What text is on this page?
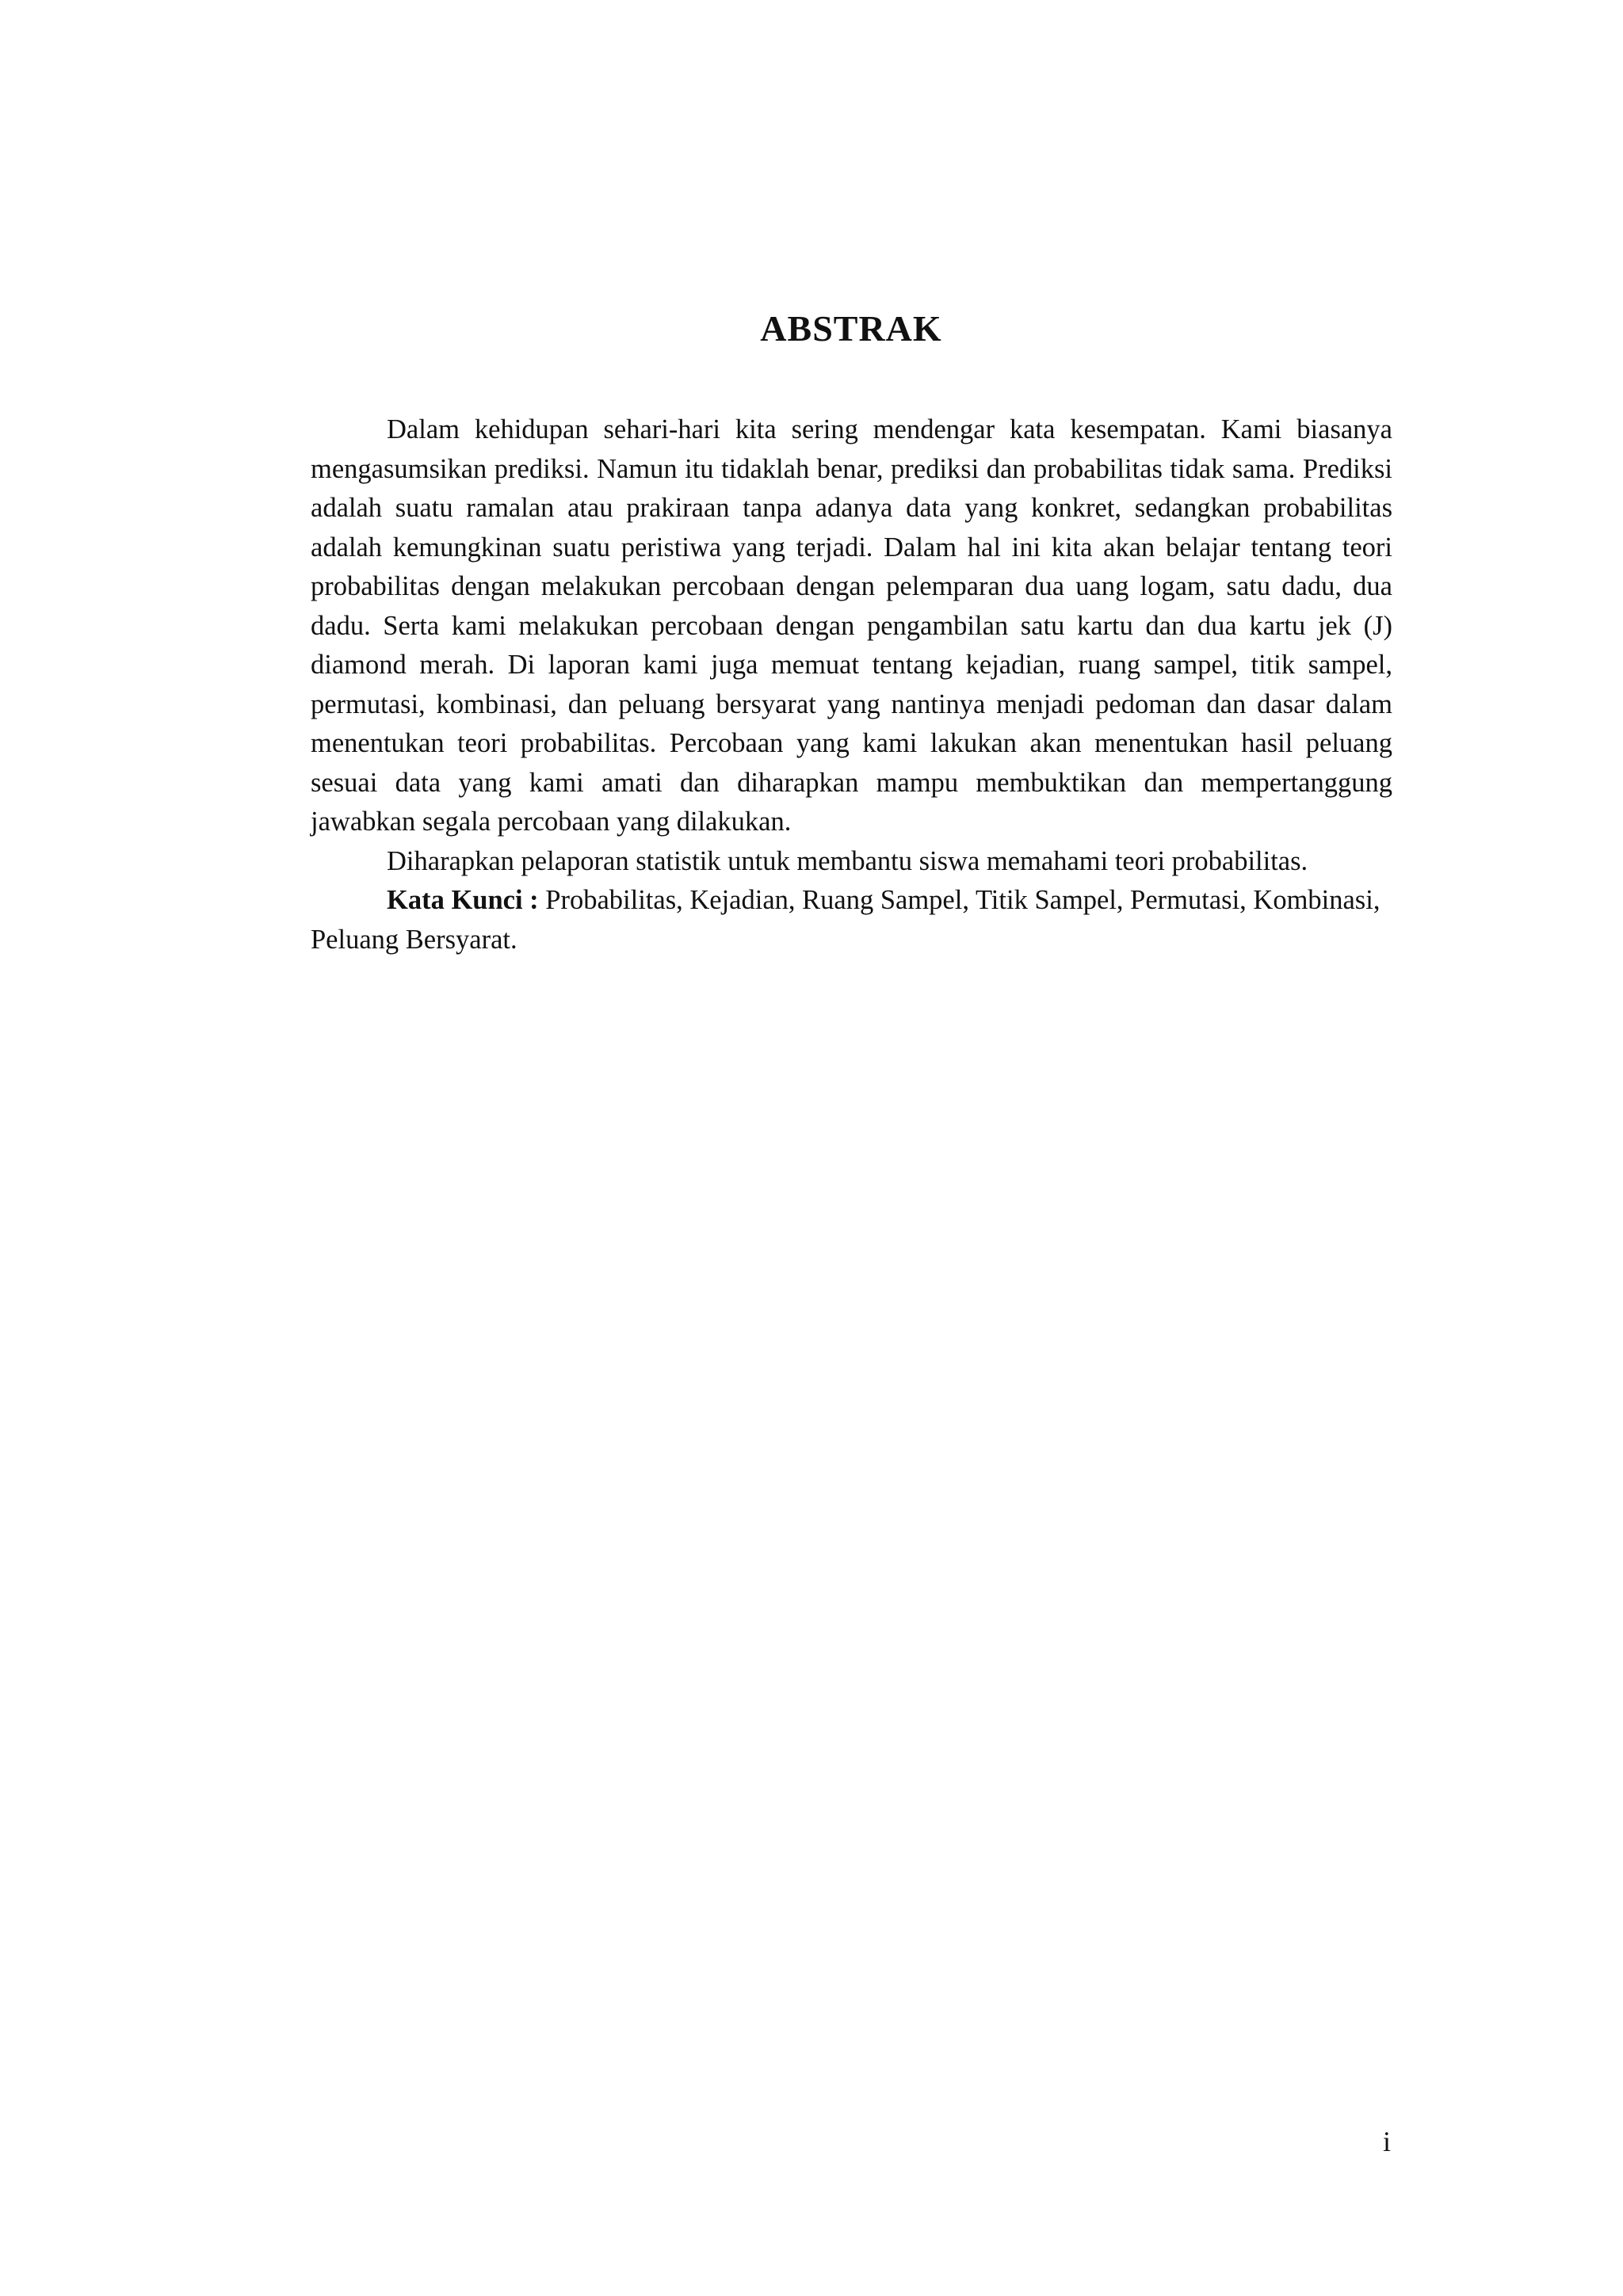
ABSTRAK

Dalam kehidupan sehari-hari kita sering mendengar kata kesempatan. Kami biasanya mengasumsikan prediksi. Namun itu tidaklah benar, prediksi dan probabilitas tidak sama. Prediksi adalah suatu ramalan atau prakiraan tanpa adanya data yang konkret, sedangkan probabilitas adalah kemungkinan suatu peristiwa yang terjadi. Dalam hal ini kita akan belajar tentang teori probabilitas dengan melakukan percobaan dengan pelemparan dua uang logam, satu dadu, dua dadu. Serta kami melakukan percobaan dengan pengambilan satu kartu dan dua kartu jek (J) diamond merah. Di laporan kami juga memuat tentang kejadian, ruang sampel, titik sampel, permutasi, kombinasi, dan peluang bersyarat yang nantinya menjadi pedoman dan dasar dalam menentukan teori probabilitas. Percobaan yang kami lakukan akan menentukan hasil peluang sesuai data yang kami amati dan diharapkan mampu membuktikan dan mempertanggung jawabkan segala percobaan yang dilakukan.

Diharapkan pelaporan statistik untuk membantu siswa memahami teori probabilitas.

Kata Kunci : Probabilitas, Kejadian, Ruang Sampel, Titik Sampel, Permutasi, Kombinasi, Peluang Bersyarat.

i
